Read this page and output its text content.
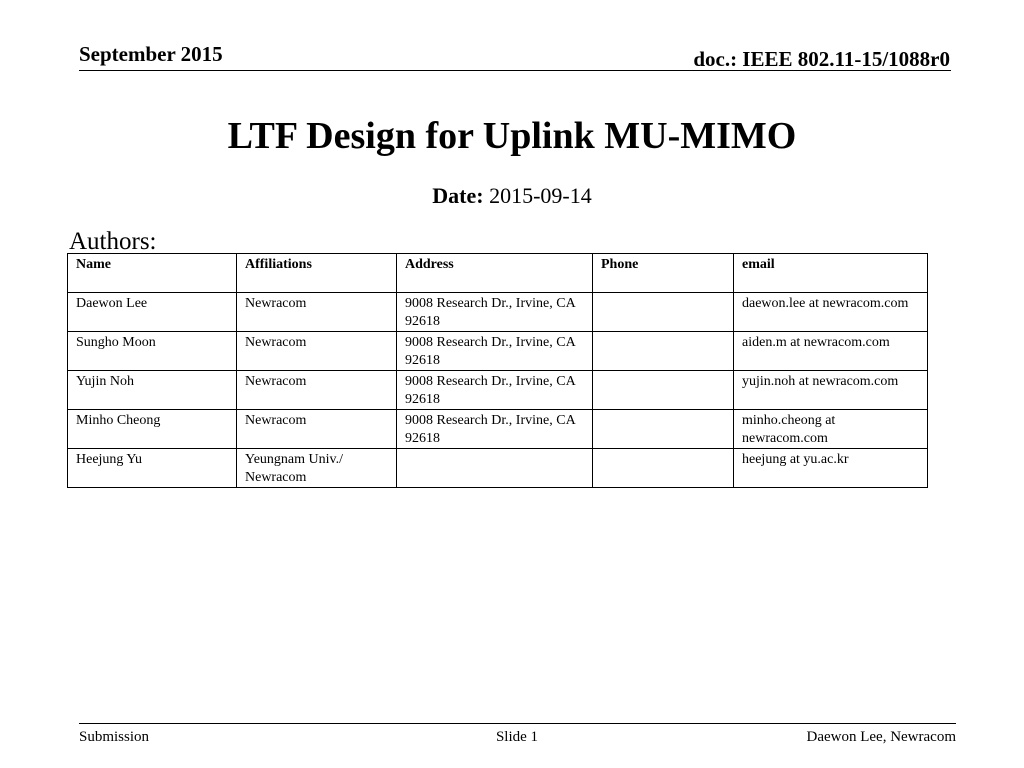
September 2015	doc.: IEEE 802.11-15/1088r0
LTF Design for Uplink MU-MIMO
Date: 2015-09-14
Authors:
Name	Affiliations	Address	Phone	email
Daewon Lee	Newracom	9008 Research Dr., Irvine, CA 92618		daewon.lee at newracom.com
Sungho Moon	Newracom	9008 Research Dr., Irvine, CA 92618		aiden.m at newracom.com
Yujin Noh	Newracom	9008 Research Dr., Irvine, CA 92618		yujin.noh at newracom.com
Minho Cheong	Newracom	9008 Research Dr., Irvine, CA 92618		minho.cheong at newracom.com
Heejung Yu	Yeungnam Univ./ Newracom			heejung at yu.ac.kr
Submission	Slide 1	Daewon Lee, Newracom
